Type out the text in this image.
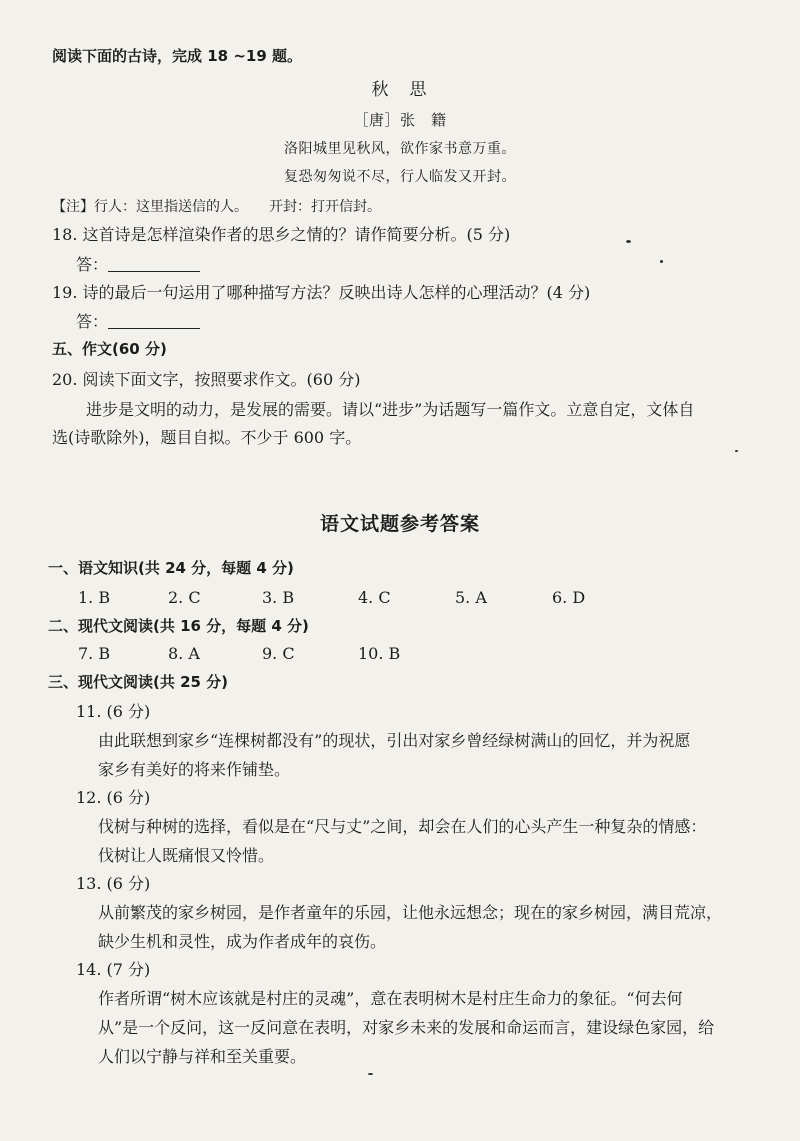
阅读下面的古诗，完成 18 ~19 题。
秋　思
［唐］张　籍
洛阳城里见秋风，欲作家书意万重。
复恐匆匆说不尽，行人临发又开封。
【注】行人：这里指送信的人。　　开封：打开信封。
18. 这首诗是怎样渲染作者的思乡之情的？请作简要分析。(5 分)
答：
19. 诗的最后一句运用了哪种描写方法？反映出诗人怎样的心理活动？(4 分)
答：
五、作文(60 分)
20. 阅读下面文字，按照要求作文。(60 分)
进步是文明的动力，是发展的需要。请以“进步”为话题写一篇作文。立意自定，文体自
选(诗歌除外)，题目自拟。不少于 600 字。
语文试题参考答案
一、语文知识(共 24 分，每题 4 分)
1. B	2. C	3. B	4. C	5. A	6. D
二、现代文阅读(共 16 分，每题 4 分)
7. B	8. A	9. C	10. B
三、现代文阅读(共 25 分)
11. (6 分)
由此联想到家乡“连棵树都没有”的现状，引出对家乡曾经绿树满山的回忆，并为祝愿
家乡有美好的将来作铺垫。
12. (6 分)
伐树与种树的选择，看似是在“尺与丈”之间，却会在人们的心头产生一种复杂的情感：
伐树让人既痛恨又怜惜。
13. (6 分)
从前繁茂的家乡树园，是作者童年的乐园，让他永远想念；现在的家乡树园，满目荒凉，
缺少生机和灵性，成为作者成年的哀伤。
14. (7 分)
作者所谓“树木应该就是村庄的灵魂”，意在表明树木是村庄生命力的象征。“何去何
从”是一个反问，这一反问意在表明，对家乡未来的发展和命运而言，建设绿色家园，给
人们以宁静与祥和至关重要。
